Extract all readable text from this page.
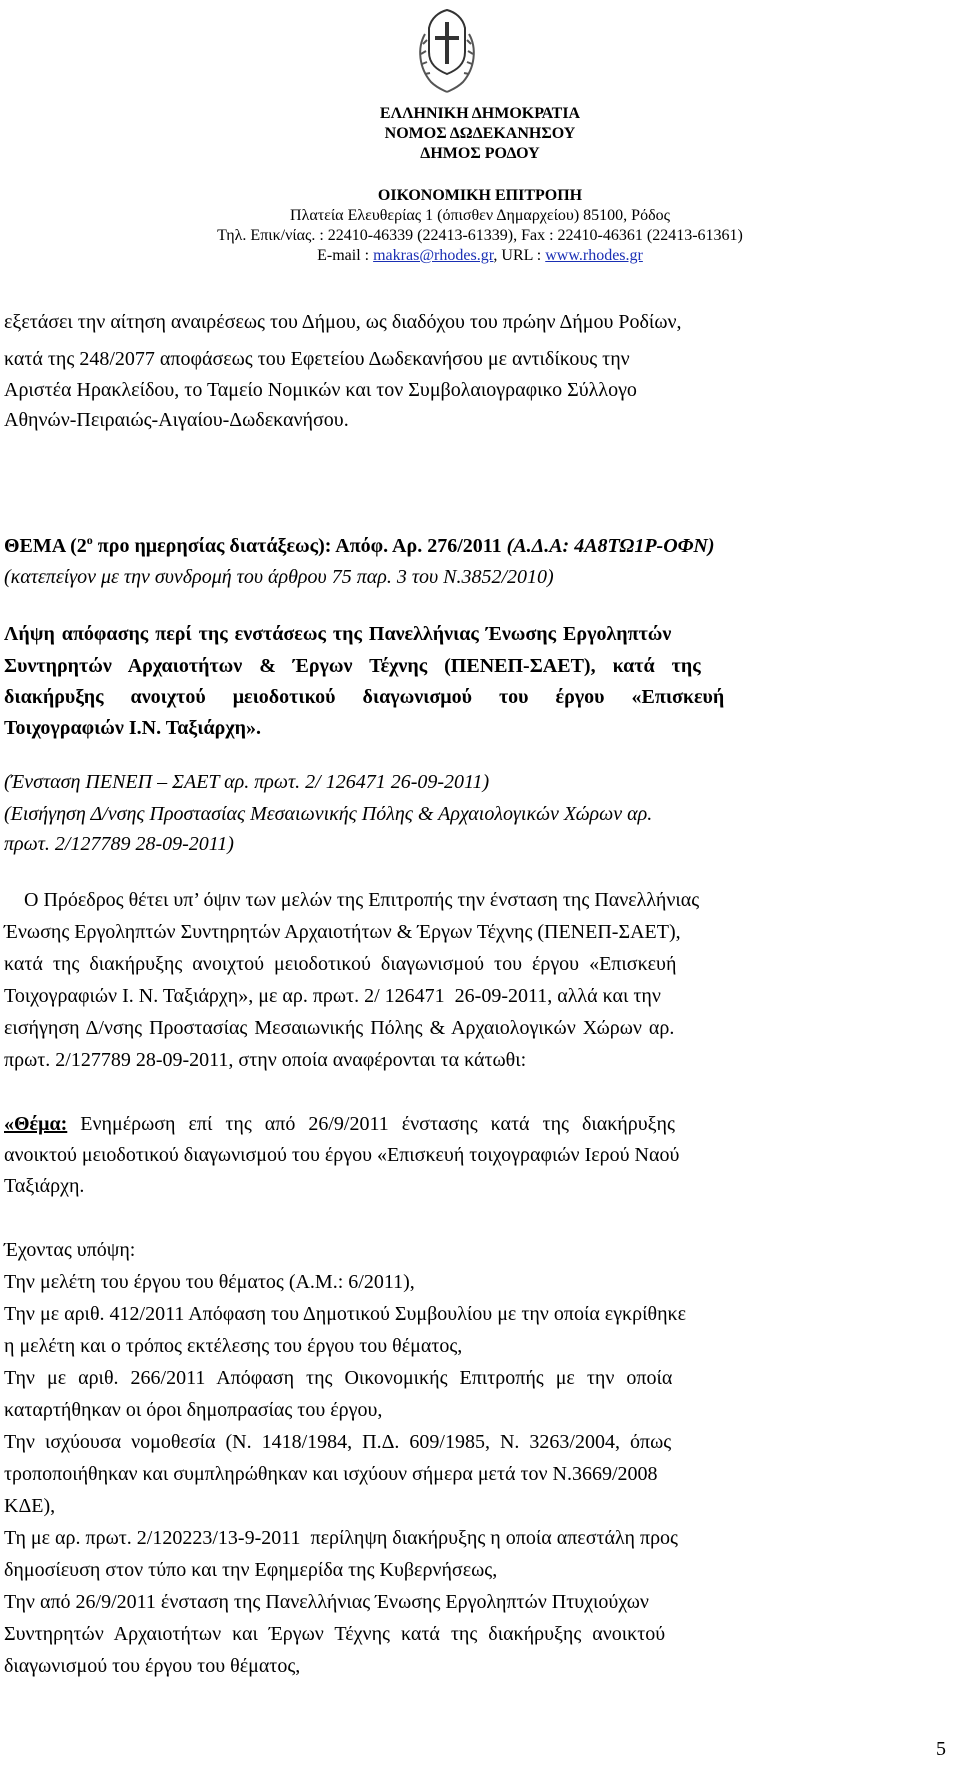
ΕΛΛΗΝΙΚΗ ΔΗΜΟΚΡΑΤΙΑ
ΝΟΜΟΣ ΔΩΔΕΚΑΝΗΣΟΥ
ΔΗΜΟΣ ΡΟΔΟΥ
ΟΙΚΟΝΟΜΙΚΗ ΕΠΙΤΡΟΠΗ
Πλατεία Ελευθερίας 1 (όπισθεν Δημαρχείου) 85100, Ρόδος
Τηλ. Επικ/νίας. : 22410-46339 (22413-61339), Fax : 22410-46361 (22413-61361)
E-mail : makras@rhodes.gr, URL : www.rhodes.gr
εξετάσει την αίτηση αναιρέσεως του Δήμου, ως διαδόχου του πρώην Δήμου Ροδίων,
κατά της 248/2077 αποφάσεως του Εφετείου Δωδεκανήσου με αντιδίκους την
Αριστέα Ηρακλείδου, το Ταμείο Νομικών και τον Συμβολαιογραφικο Σύλλογο
Αθηνών-Πειραιώς-Αιγαίου-Δωδεκανήσου.
ΘΕΜΑ ($2^o$ προ ημερησίας διατάξεως): Απόφ. Αρ. 276/2011 (Α.Δ.Α: 4Α8ΤΩ1Ρ-ΟΦΝ)
(κατεπείγον με την συνδρομή του άρθρου 75 παρ. 3 του Ν.3852/2010)
Λήψη απόφασης περί της ενστάσεως της Πανελλήνιας Ένωσης Εργοληπτών
Συντηρητών Αρχαιοτήτων & Έργων Τέχνης (ΠΕΝΕΠ-ΣΑΕΤ), κατά της
διακήρυξης ανοιχτού μειοδοτικού διαγωνισμού του έργου «Επισκευή
Τοιχογραφιών Ι.Ν. Ταξιάρχη».
(Ένσταση ΠΕΝΕΠ – ΣΑΕΤ αρ. πρωτ. 2/ 126471 26-09-2011)
(Εισήγηση Δ/νσης Προστασίας Μεσαιωνικής Πόλης & Αρχαιολογικών Χώρων αρ.
πρωτ. 2/127789 28-09-2011)
Ο Πρόεδρος θέτει υπ’ όψιν των μελών της Επιτροπής την ένσταση της Πανελλήνιας
Ένωσης Εργοληπτών Συντηρητών Αρχαιοτήτων & Έργων Τέχνης (ΠΕΝΕΠ-ΣΑΕΤ),
κατά της διακήρυξης ανοιχτού μειοδοτικού διαγωνισμού του έργου «Επισκευή
Τοιχογραφιών Ι. Ν. Ταξιάρχη», με αρ. πρωτ. 2/ 126471  26-09-2011, αλλά και την
εισήγηση Δ/νσης Προστασίας Μεσαιωνικής Πόλης & Αρχαιολογικών Χώρων αρ.
πρωτ. 2/127789 28-09-2011, στην οποία αναφέρονται τα κάτωθι:
«Θέμα: Ενημέρωση επί της από 26/9/2011 ένστασης κατά της διακήρυξης
ανοικτού μειοδοτικού διαγωνισμού του έργου «Επισκευή τοιχογραφιών Ιερού Ναού
Ταξιάρχη.
Έχοντας υπόψη:
Την μελέτη του έργου του θέματος (Α.Μ.: 6/2011),
Την με αριθ. 412/2011 Απόφαση του Δημοτικού Συμβουλίου με την οποία εγκρίθηκε
η μελέτη και ο τρόπος εκτέλεσης του έργου του θέματος,
Την με αριθ. 266/2011 Απόφαση της Οικονομικής Επιτροπής με την οποία
καταρτήθηκαν οι όροι δημοπρασίας του έργου,
Την ισχύουσα νομοθεσία (Ν. 1418/1984, Π.Δ. 609/1985, Ν. 3263/2004, όπως
τροποποιήθηκαν και συμπληρώθηκαν και ισχύουν σήμερα μετά τον Ν.3669/2008
ΚΔΕ),
Τη με αρ. πρωτ. 2/120223/13-9-2011  περίληψη διακήρυξης η οποία απεστάλη προς
δημοσίευση στον τύπο και την Εφημερίδα της Κυβερνήσεως,
Την από 26/9/2011 ένσταση της Πανελλήνιας Ένωσης Εργοληπτών Πτυχιούχων
Συντηρητών Αρχαιοτήτων και Έργων Τέχνης κατά της διακήρυξης ανοικτού
διαγωνισμού του έργου του θέματος,
5
